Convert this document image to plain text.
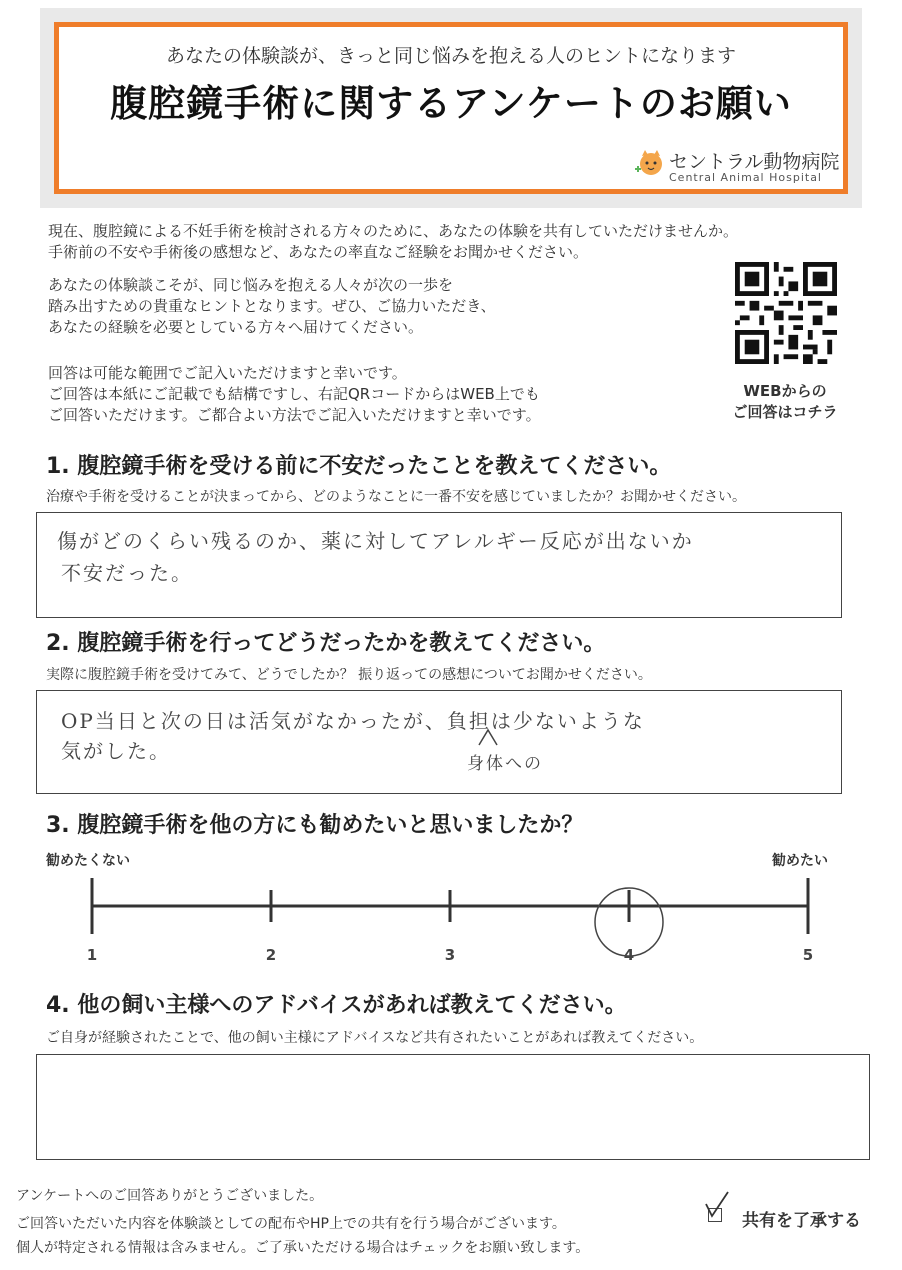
あなたの体験談が、きっと同じ悩みを抱える人のヒントになります
腹腔鏡手術に関するアンケートのお願い
セントラル動物病院
Central Animal Hospital
現在、腹腔鏡による不妊手術を検討される方々のために、あなたの体験を共有していただけませんか。
手術前の不安や手術後の感想など、あなたの率直なご経験をお聞かせください。
あなたの体験談こそが、同じ悩みを抱える人々が次の一歩を
踏み出すための貴重なヒントとなります。ぜひ、ご協力いただき、
あなたの経験を必要としている方々へ届けてください。
回答は可能な範囲でご記入いただけますと幸いです。
ご回答は本紙にご記載でも結構ですし、右記QRコードからはWEB上でも
ご回答いただけます。ご都合よい方法でご記入いただけますと幸いです。
WEBからの
ご回答はコチラ
1. 腹腔鏡手術を受ける前に不安だったことを教えてください。
治療や手術を受けることが決まってから、どのようなことに一番不安を感じていましたか？お聞かせください。
傷がどのくらい残るのか、薬に対してアレルギー反応が出ないか
不安だった。
2. 腹腔鏡手術を行ってどうだったかを教えてください。
実際に腹腔鏡手術を受けてみて、どうでしたか？ 振り返っての感想についてお聞かせください。
OP当日と次の日は活気がなかったが、負担は少ないような
気がした。
身体への
3. 腹腔鏡手術を他の方にも勧めたいと思いましたか？
勧めたくない	勧めたい
1	2	3	4	5
4. 他の飼い主様へのアドバイスがあれば教えてください。
ご自身が経験されたことで、他の飼い主様にアドバイスなど共有されたいことがあれば教えてください。
アンケートへのご回答ありがとうございました。
ご回答いただいた内容を体験談としての配布やHP上での共有を行う場合がございます。
個人が特定される情報は含みません。ご了承いただける場合はチェックをお願い致します。
共有を了承する
